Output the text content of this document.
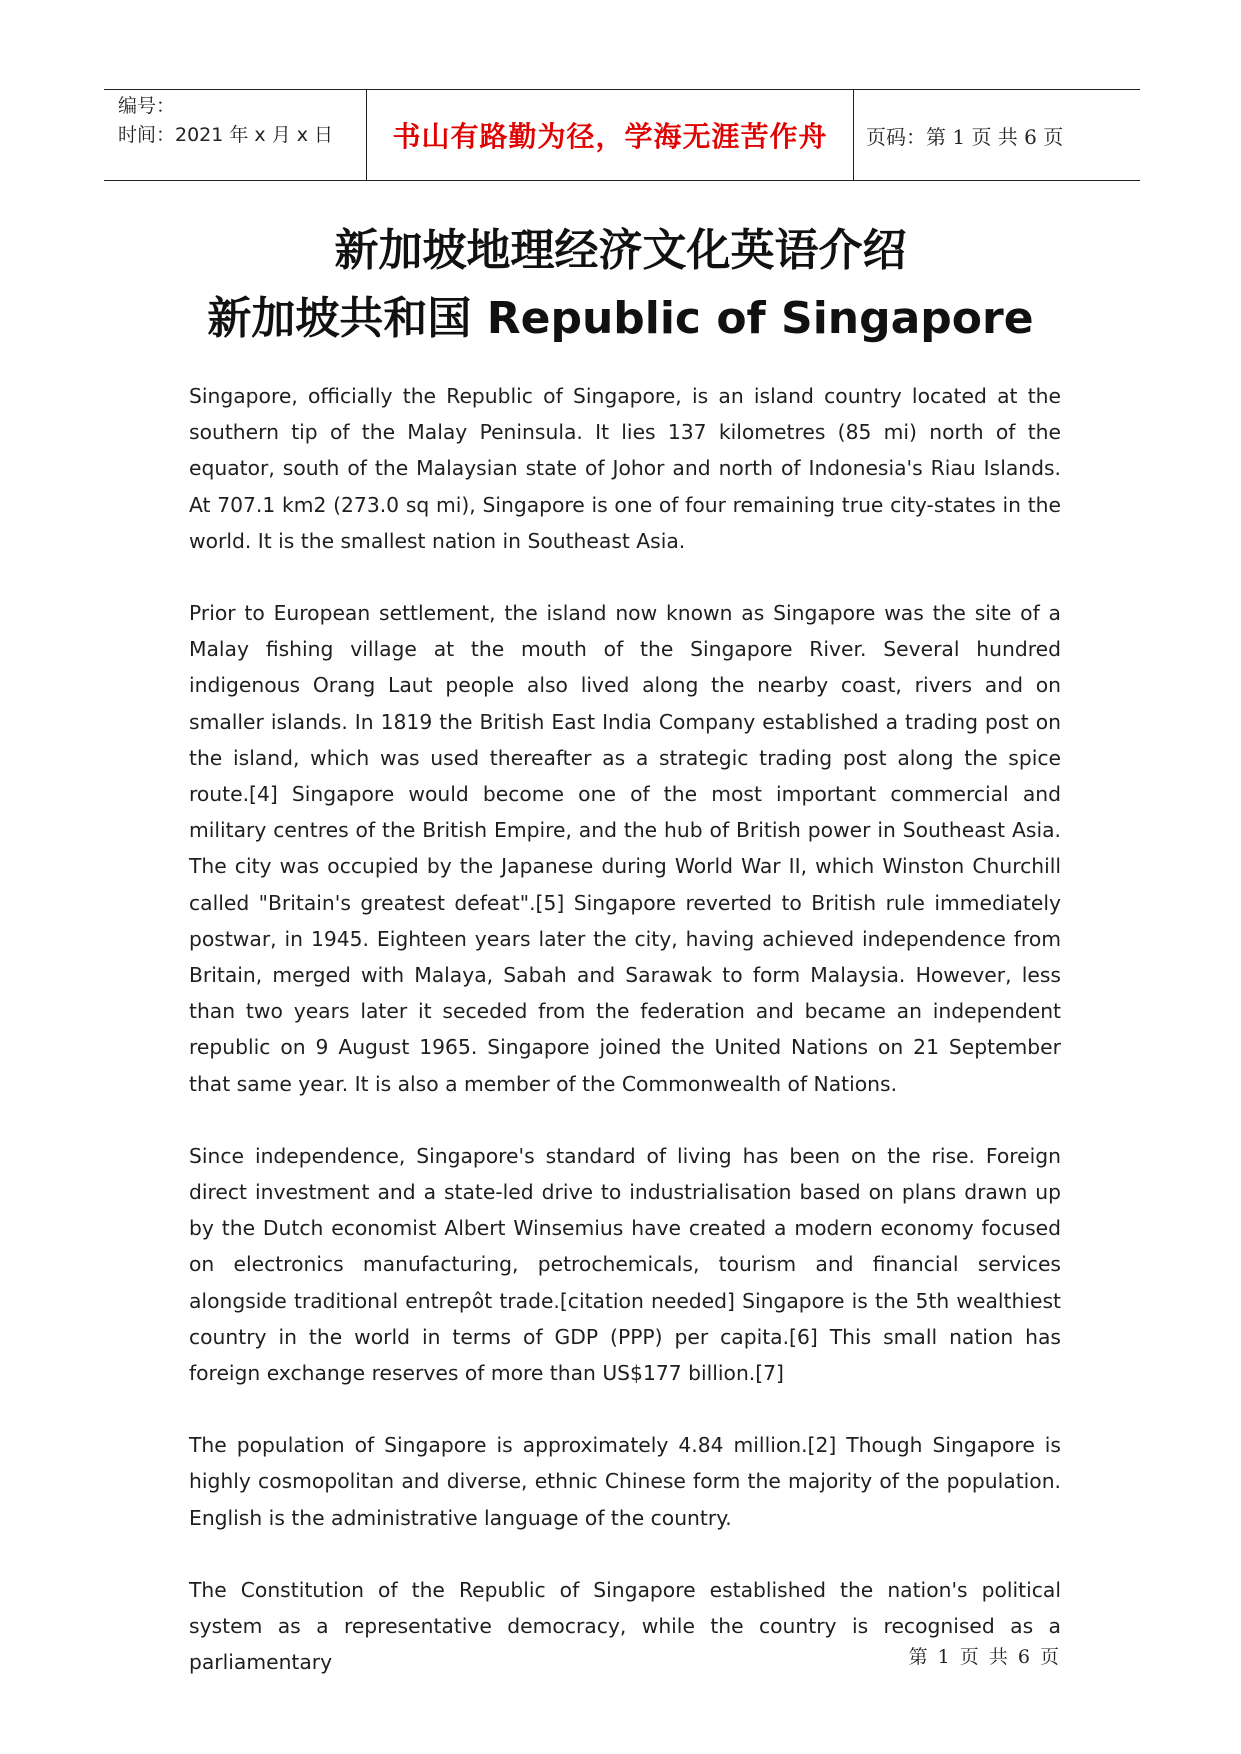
编号：
时间：2021 年 x 月 x 日	书山有路勤为径，学海无涯苦作舟 页码：第 1 页 共 6 页
新加坡地理经济文化英语介绍
新加坡共和国 Republic of Singapore

Singapore, officially the Republic of Singapore, is an island country located at the southern tip of the Malay Peninsula. It lies 137 kilometres (85 mi) north of the equator, south of the Malaysian state of Johor and north of Indonesia's Riau Islands. At 707.1 km2 (273.0 sq mi), Singapore is one of four remaining true city-states in the world. It is the smallest nation in Southeast Asia.

Prior to European settlement, the island now known as Singapore was the site of a Malay fishing village at the mouth of the Singapore River. Several hundred indigenous Orang Laut people also lived along the nearby coast, rivers and on smaller islands. In 1819 the British East India Company established a trading post on the island, which was used thereafter as a strategic trading post along the spice route.[4] Singapore would become one of the most important commercial and military centres of the British Empire, and the hub of British power in Southeast Asia. The city was occupied by the Japanese during World War II, which Winston Churchill called "Britain's greatest defeat".[5] Singapore reverted to British rule immediately postwar, in 1945. Eighteen years later the city, having achieved independence from Britain, merged with Malaya, Sabah and Sarawak to form Malaysia. However, less than two years later it seceded from the federation and became an independent republic on 9 August 1965. Singapore joined the United Nations on 21 September that same year. It is also a member of the Commonwealth of Nations.

Since independence, Singapore's standard of living has been on the rise. Foreign direct investment and a state-led drive to industrialisation based on plans drawn up by the Dutch economist Albert Winsemius have created a modern economy focused on electronics manufacturing, petrochemicals, tourism and financial services alongside traditional entrepôt trade.[citation needed] Singapore is the 5th wealthiest country in the world in terms of GDP (PPP) per capita.[6] This small nation has foreign exchange reserves of more than US$177 billion.[7]

The population of Singapore is approximately 4.84 million.[2] Though Singapore is highly cosmopolitan and diverse, ethnic Chinese form the majority of the population. English is the administrative language of the country.

The Constitution of the Republic of Singapore established the nation's political system as a representative democracy, while the country is recognised as a parliamentary	第 1 页 共 6 页
